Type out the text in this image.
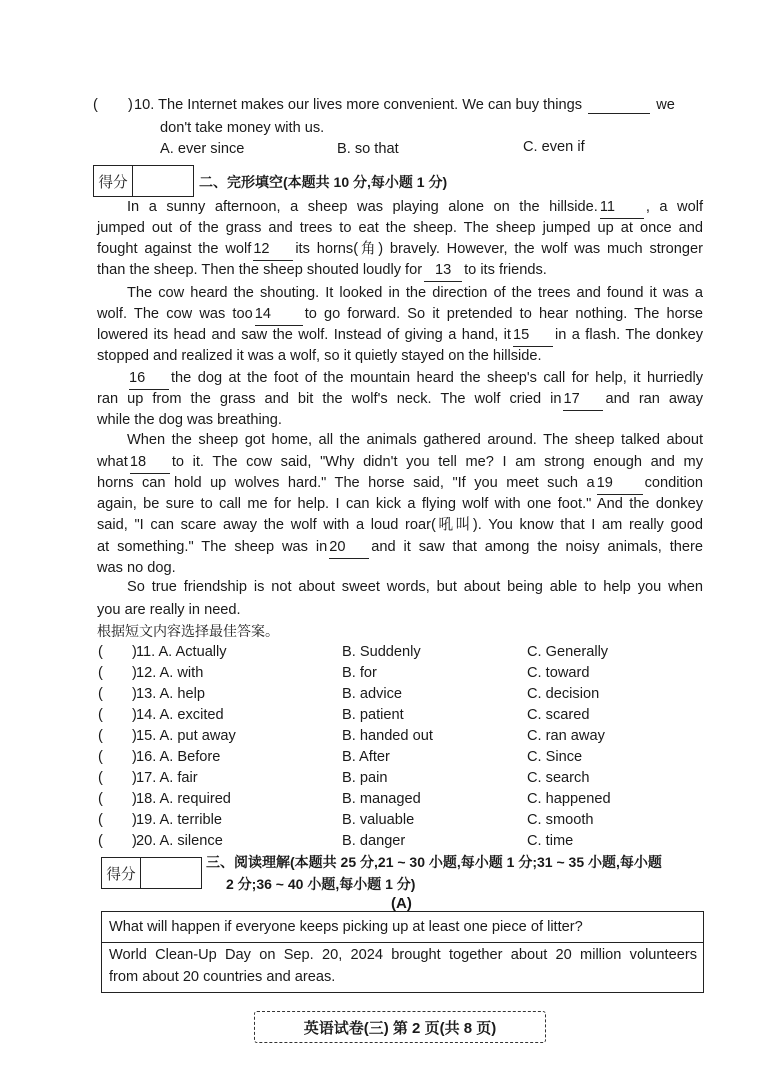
( ) 10. The Internet makes our lives more convenient. We can buy things	we
don't take money with us.
A. ever since	B. so that	C. even if
得分	二、完形填空(本题共 10 分,每小题 1 分)
In a sunny afternoon, a sheep was playing alone on the hillside. 11 , a wolf
jumped out of the grass and trees to eat the sheep. The sheep jumped up at once and
fought against the wolf 12 its horns(角) bravely. However, the wolf was much stronger
than the sheep. Then the sheep shouted loudly for 13 to its friends.
The cow heard the shouting. It looked in the direction of the trees and found it was a
wolf. The cow was too 14 to go forward. So it pretended to hear nothing. The horse
lowered its head and saw the wolf. Instead of giving a hand, it 15 in a flash. The donkey
stopped and realized it was a wolf, so it quietly stayed on the hillside.
16 the dog at the foot of the mountain heard the sheep's call for help, it hurriedly
ran up from the grass and bit the wolf's neck. The wolf cried in 17 and ran away
while the dog was breathing.
When the sheep got home, all the animals gathered around. The sheep talked about
what 18 to it. The cow said, "Why didn't you tell me? I am strong enough and my
horns can hold up wolves hard." The horse said, "If you meet such a 19 condition
again, be sure to call me for help. I can kick a flying wolf with one foot." And the donkey
said, "I can scare away the wolf with a loud roar(吼叫). You know that I am really good
at something." The sheep was in 20 and it saw that among the noisy animals, there
was no dog.
So true friendship is not about sweet words, but about being able to help you when
you are really in need.
根据短文内容选择最佳答案。
( ) 11. A. Actually	B. Suddenly	C. Generally
( ) 12. A. with	B. for	C. toward
( ) 13. A. help	B. advice	C. decision
( ) 14. A. excited	B. patient	C. scared
( ) 15. A. put away	B. handed out	C. ran away
( ) 16. A. Before	B. After	C. Since
( ) 17. A. fair	B. pain	C. search
( ) 18. A. required	B. managed	C. happened
( ) 19. A. terrible	B. valuable	C. smooth
( ) 20. A. silence	B. danger	C. time
得分
三、阅读理解(本题共 25 分,21 ~ 30 小题,每小题 1 分;31 ~ 35 小题,每小题
2 分;36 ~ 40 小题,每小题 1 分)
(A)
What will happen if everyone keeps picking up at least one piece of litter?
World Clean-Up Day on Sep. 20, 2024 brought together about 20 million volunteers
from about 20 countries and areas.
英语试卷(三) 第 2 页(共 8 页)
